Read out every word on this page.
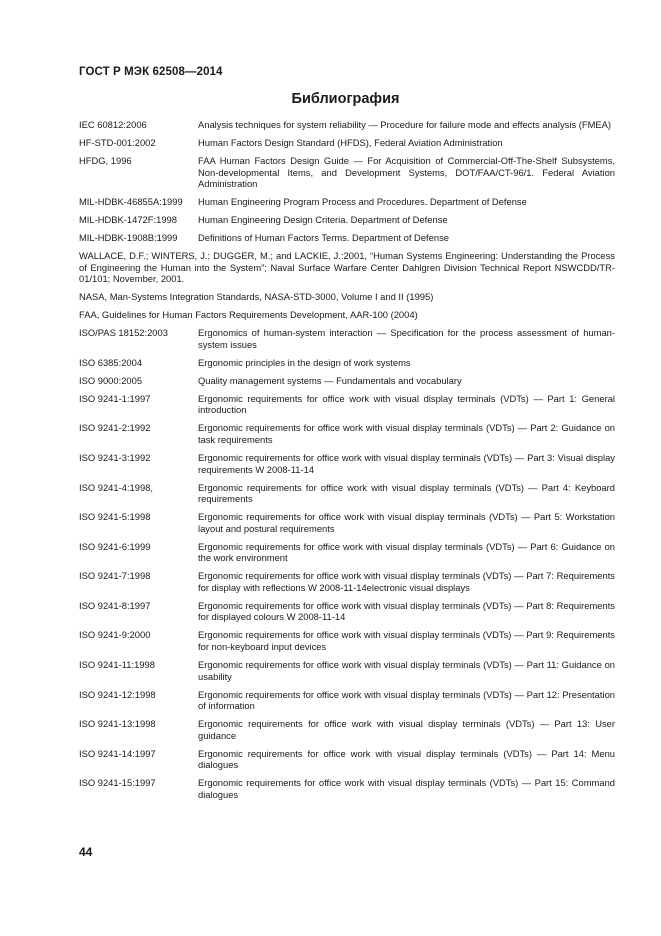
ГОСТ Р МЭК 62508—2014
Библиография
IEC 60812:2006	Analysis techniques for system reliability — Procedure for failure mode and effects analysis (FMEA)
HF-STD-001:2002	Human Factors Design Standard (HFDS), Federal Aviation Administration
HFDG, 1996	FAA Human Factors Design Guide — For Acquisition of Commercial-Off-The-Shelf Subsystems, Non-developmental Items, and Development Systems, DOT/FAA/CT-96/1. Federal Aviation Administration
MIL-HDBK-46855A:1999	Human Engineering Program Process and Procedures. Department of Defense
MIL-HDBK-1472F:1998	Human Engineering Design Criteria. Department of Defense
MIL-HDBK-1908B:1999	Definitions of Human Factors Terms. Department of Defense
WALLACE, D.F.; WINTERS, J.; DUGGER, M.; and LACKIE, J.:2001, “Human Systems Engineering: Understanding the Process of Engineering the Human into the System”; Naval Surface Warfare Center Dahlgren Division Technical Report NSWCDD/TR-01/101; November, 2001.
NASA, Man-Systems Integration Standards, NASA-STD-3000, Volume I and II (1995)
FAA, Guidelines for Human Factors Requirements Development, AAR-100 (2004)
ISO/PAS 18152:2003	Ergonomics of human-system interaction — Specification for the process assessment of human-system issues
ISO 6385:2004	Ergonomic principles in the design of work systems
ISO 9000:2005	Quality management systems — Fundamentals and vocabulary
ISO 9241-1:1997	Ergonomic requirements for office work with visual display terminals (VDTs) — Part 1: General introduction
ISO 9241-2:1992	Ergonomic requirements for office work with visual display terminals (VDTs) — Part 2: Guidance on task requirements
ISO 9241-3:1992	Ergonomic requirements for office work with visual display terminals (VDTs) — Part 3: Visual display requirements W 2008-11-14
ISO 9241-4:1998,	Ergonomic requirements for office work with visual display terminals (VDTs) — Part 4: Keyboard requirements
ISO 9241-5:1998	Ergonomic requirements for office work with visual display terminals (VDTs) — Part 5: Workstation layout and postural requirements
ISO 9241-6:1999	Ergonomic requirements for office work with visual display terminals (VDTs) — Part 6: Guidance on the work environment
ISO 9241-7:1998	Ergonomic requirements for office work with visual display terminals (VDTs) — Part 7: Requirements for display with reflections W 2008-11-14electronic visual displays
ISO 9241-8:1997	Ergonomic requirements for office work with visual display terminals (VDTs) — Part 8: Requirements for displayed colours W 2008-11-14
ISO 9241-9:2000	Ergonomic requirements for office work with visual display terminals (VDTs) — Part 9: Requirements for non-keyboard input devices
ISO 9241-11:1998	Ergonomic requirements for office work with visual display terminals (VDTs) — Part 11: Guidance on usability
ISO 9241-12:1998	Ergonomic requirements for office work with visual display terminals (VDTs) — Part 12: Presentation of information
ISO 9241-13:1998	Ergonomic requirements for office work with visual display terminals (VDTs) — Part 13: User guidance
ISO 9241-14:1997	Ergonomic requirements for office work with visual display terminals (VDTs) — Part 14: Menu dialogues
ISO 9241-15:1997	Ergonomic requirements for office work with visual display terminals (VDTs) — Part 15: Command dialogues
44
